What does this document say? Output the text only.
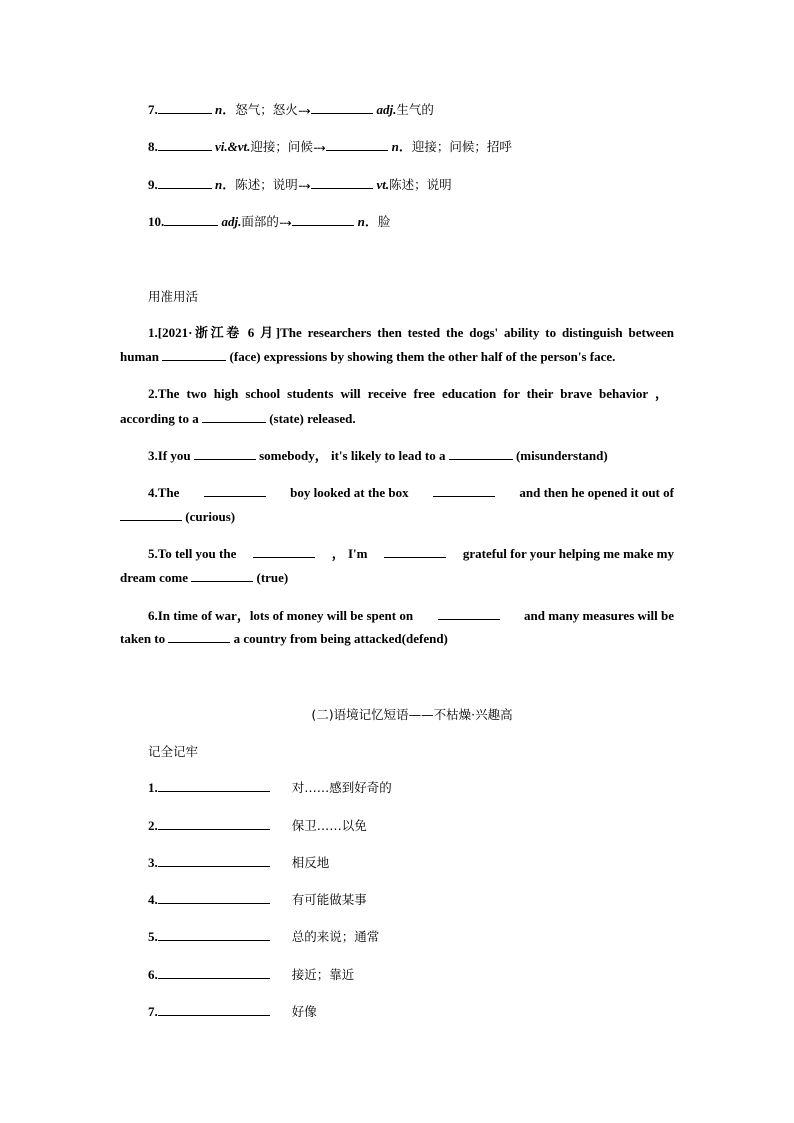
7.	n．怒气；怒火⤏	adj.生气的
8.	vi.&vt.迎接；问候⤏	n．迎接；问候；招呼
9.	n．陈述；说明⤏	vt.陈述；说明
10.	adj.面部的⤏	n．脸
用准用活
1.[2021·浙江卷 6 月]The researchers then tested the dogs' ability to distinguish between
human	(face) expressions by showing them the other half of the person's face.
2.The two high school students will receive free education for their brave behavior ，
according to a	(state) released.
3.If you	somebody， it's likely to lead to a	(misunderstand)
4.The	boy looked at the box	and then he opened it out of
(curious)
5.To tell you the	， I'm	grateful for your helping me make my
dream come	(true)
6.In time of war，lots of money will be spent on	and many measures will be
taken to	a country from being attacked(defend)
(二)语境记忆短语——不枯燥·兴趣高
记全记牢
1.	对……感到好奇的
2.	保卫……以免
3.	相反地
4.	有可能做某事
5.	总的来说；通常
6.	接近；靠近
7.	好像
